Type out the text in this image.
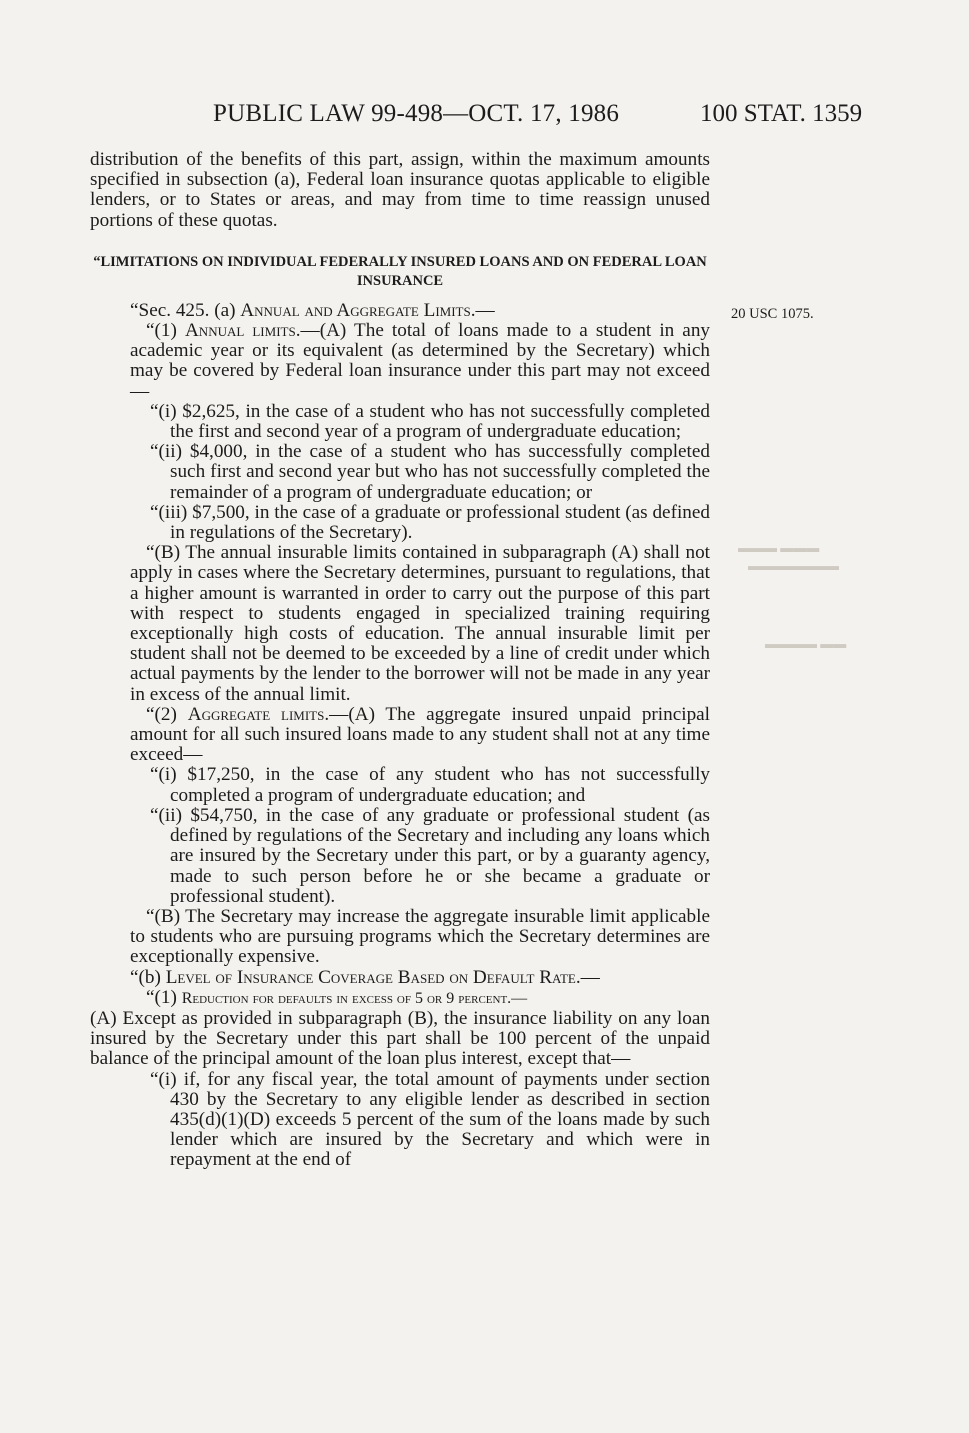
PUBLIC LAW 99-498—OCT. 17, 1986	100 STAT. 1359
20 USC 1075.
▬▬▬ ▬▬▬
▬▬▬▬▬▬▬
▬▬ ▬▬▬▬

distribution of the benefits of this part, assign, within the maximum amounts specified in subsection (a), Federal loan insurance quotas applicable to eligible lenders, or to States or areas, and may from time to time reassign unused portions of these quotas.

“LIMITATIONS ON INDIVIDUAL FEDERALLY INSURED LOANS AND ON FEDERAL LOAN INSURANCE

“Sec. 425. (a) Annual and Aggregate Limits.—

“(1) Annual limits.—(A) The total of loans made to a student in any academic year or its equivalent (as determined by the Secretary) which may be covered by Federal loan insurance under this part may not exceed—

“(i) $2,625, in the case of a student who has not successfully completed the first and second year of a program of undergraduate education;

“(ii) $4,000, in the case of a student who has successfully completed such first and second year but who has not successfully completed the remainder of a program of undergraduate education; or

“(iii) $7,500, in the case of a graduate or professional student (as defined in regulations of the Secretary).

“(B) The annual insurable limits contained in subparagraph (A) shall not apply in cases where the Secretary determines, pursuant to regulations, that a higher amount is warranted in order to carry out the purpose of this part with respect to students engaged in specialized training requiring exceptionally high costs of education. The annual insurable limit per student shall not be deemed to be exceeded by a line of credit under which actual payments by the lender to the borrower will not be made in any year in excess of the annual limit.

“(2) Aggregate limits.—(A) The aggregate insured unpaid principal amount for all such insured loans made to any student shall not at any time exceed—

“(i) $17,250, in the case of any student who has not successfully completed a program of undergraduate education; and

“(ii) $54,750, in the case of any graduate or professional student (as defined by regulations of the Secretary and including any loans which are insured by the Secretary under this part, or by a guaranty agency, made to such person before he or she became a graduate or professional student).

“(B) The Secretary may increase the aggregate insurable limit applicable to students who are pursuing programs which the Secretary determines are exceptionally expensive.

“(b) Level of Insurance Coverage Based on Default Rate.—

“(1) Reduction for defaults in excess of 5 or 9 percent.—

(A) Except as provided in subparagraph (B), the insurance liability on any loan insured by the Secretary under this part shall be 100 percent of the unpaid balance of the principal amount of the loan plus interest, except that—

“(i) if, for any fiscal year, the total amount of payments under section 430 by the Secretary to any eligible lender as described in section 435(d)(1)(D) exceeds 5 percent of the sum of the loans made by such lender which are insured by the Secretary and which were in repayment at the end of
